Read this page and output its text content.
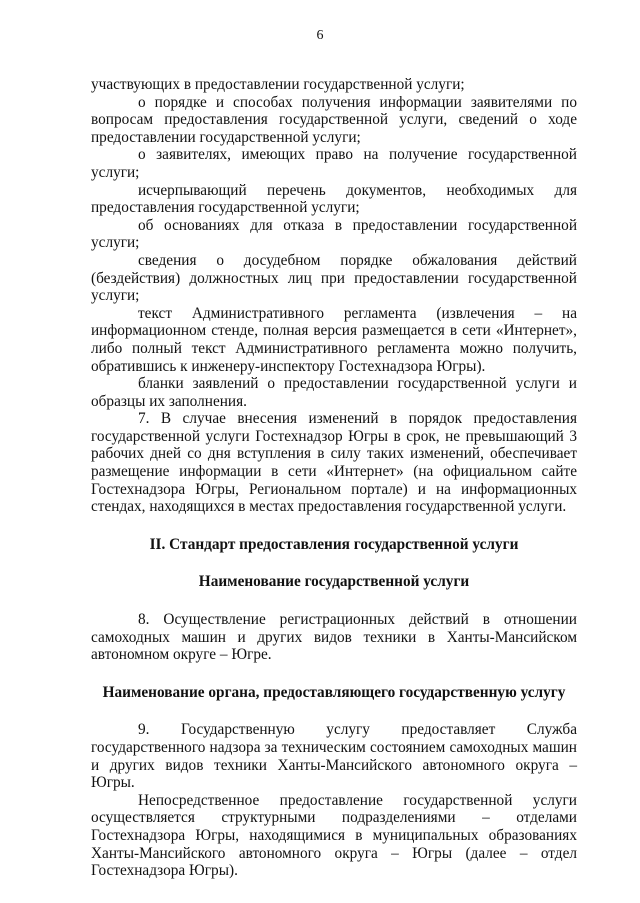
6

участвующих в предоставлении государственной услуги;

о порядке и способах получения информации заявителями по вопросам предоставления государственной услуги, сведений о ходе предоставлении государственной услуги;

о заявителях, имеющих право на получение государственной услуги;

исчерпывающий перечень документов, необходимых для предоставления государственной услуги;

об основаниях для отказа в предоставлении государственной услуги;

сведения о досудебном порядке обжалования действий (бездействия) должностных лиц при предоставлении государственной услуги;

текст Административного регламента (извлечения – на информационном стенде, полная версия размещается в сети «Интернет», либо полный текст Административного регламента можно получить, обратившись к инженеру-инспектору Гостехнадзора Югры).

бланки заявлений о предоставлении государственной услуги и образцы их заполнения.

7. В случае внесения изменений в порядок предоставления государственной услуги Гостехнадзор Югры в срок, не превышающий 3 рабочих дней со дня вступления в силу таких изменений, обеспечивает размещение информации в сети «Интернет» (на официальном сайте Гостехнадзора Югры, Региональном портале) и на информационных стендах, находящихся в местах предоставления государственной услуги.

II. Стандарт предоставления государственной услуги

Наименование государственной услуги

8. Осуществление регистрационных действий в отношении самоходных машин и других видов техники в Ханты-Мансийском автономном округе – Югре.

Наименование органа, предоставляющего государственную услугу

9. Государственную услугу предоставляет Служба государственного надзора за техническим состоянием самоходных машин и других видов техники Ханты-Мансийского автономного округа – Югры.

Непосредственное предоставление государственной услуги осуществляется структурными подразделениями – отделами Гостехнадзора Югры, находящимися в муниципальных образованиях Ханты-Мансийского автономного округа – Югры (далее – отдел Гостехнадзора Югры).
